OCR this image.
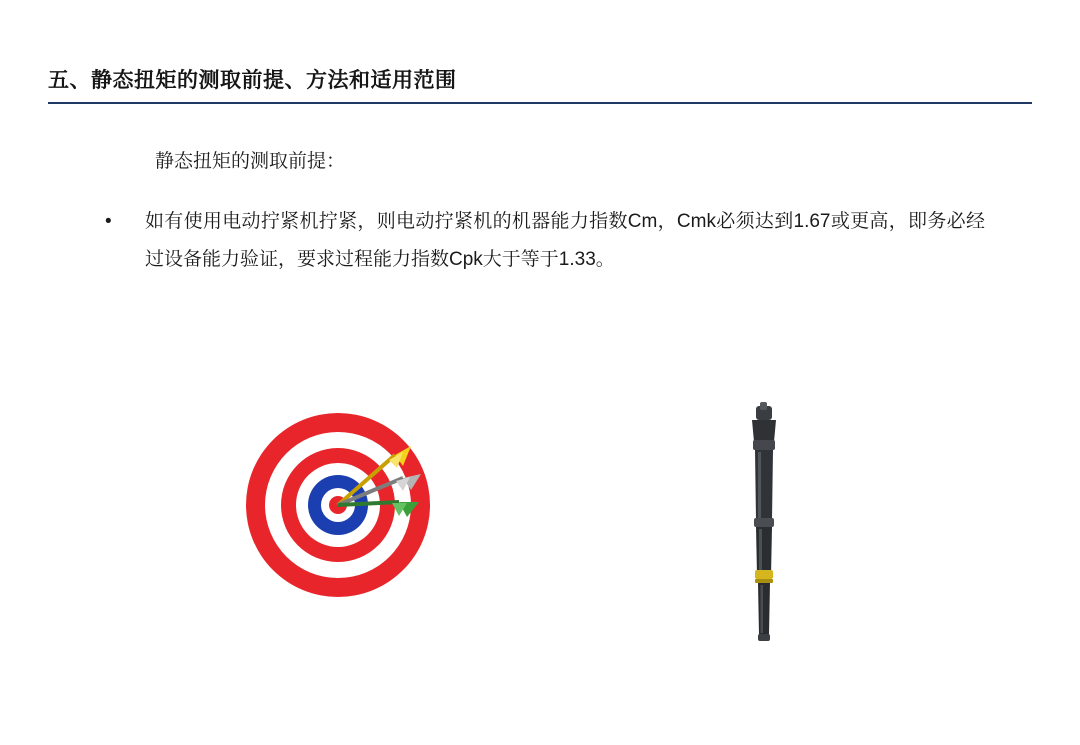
五、静态扭矩的测取前提、方法和适用范围
静态扭矩的测取前提：
•	如有使用电动拧紧机拧紧，则电动拧紧机的机器能力指数Cm，Cmk必须达到1.67或更高，即务必经过设备能力验证，要求过程能力指数Cpk大于等于1.33。
